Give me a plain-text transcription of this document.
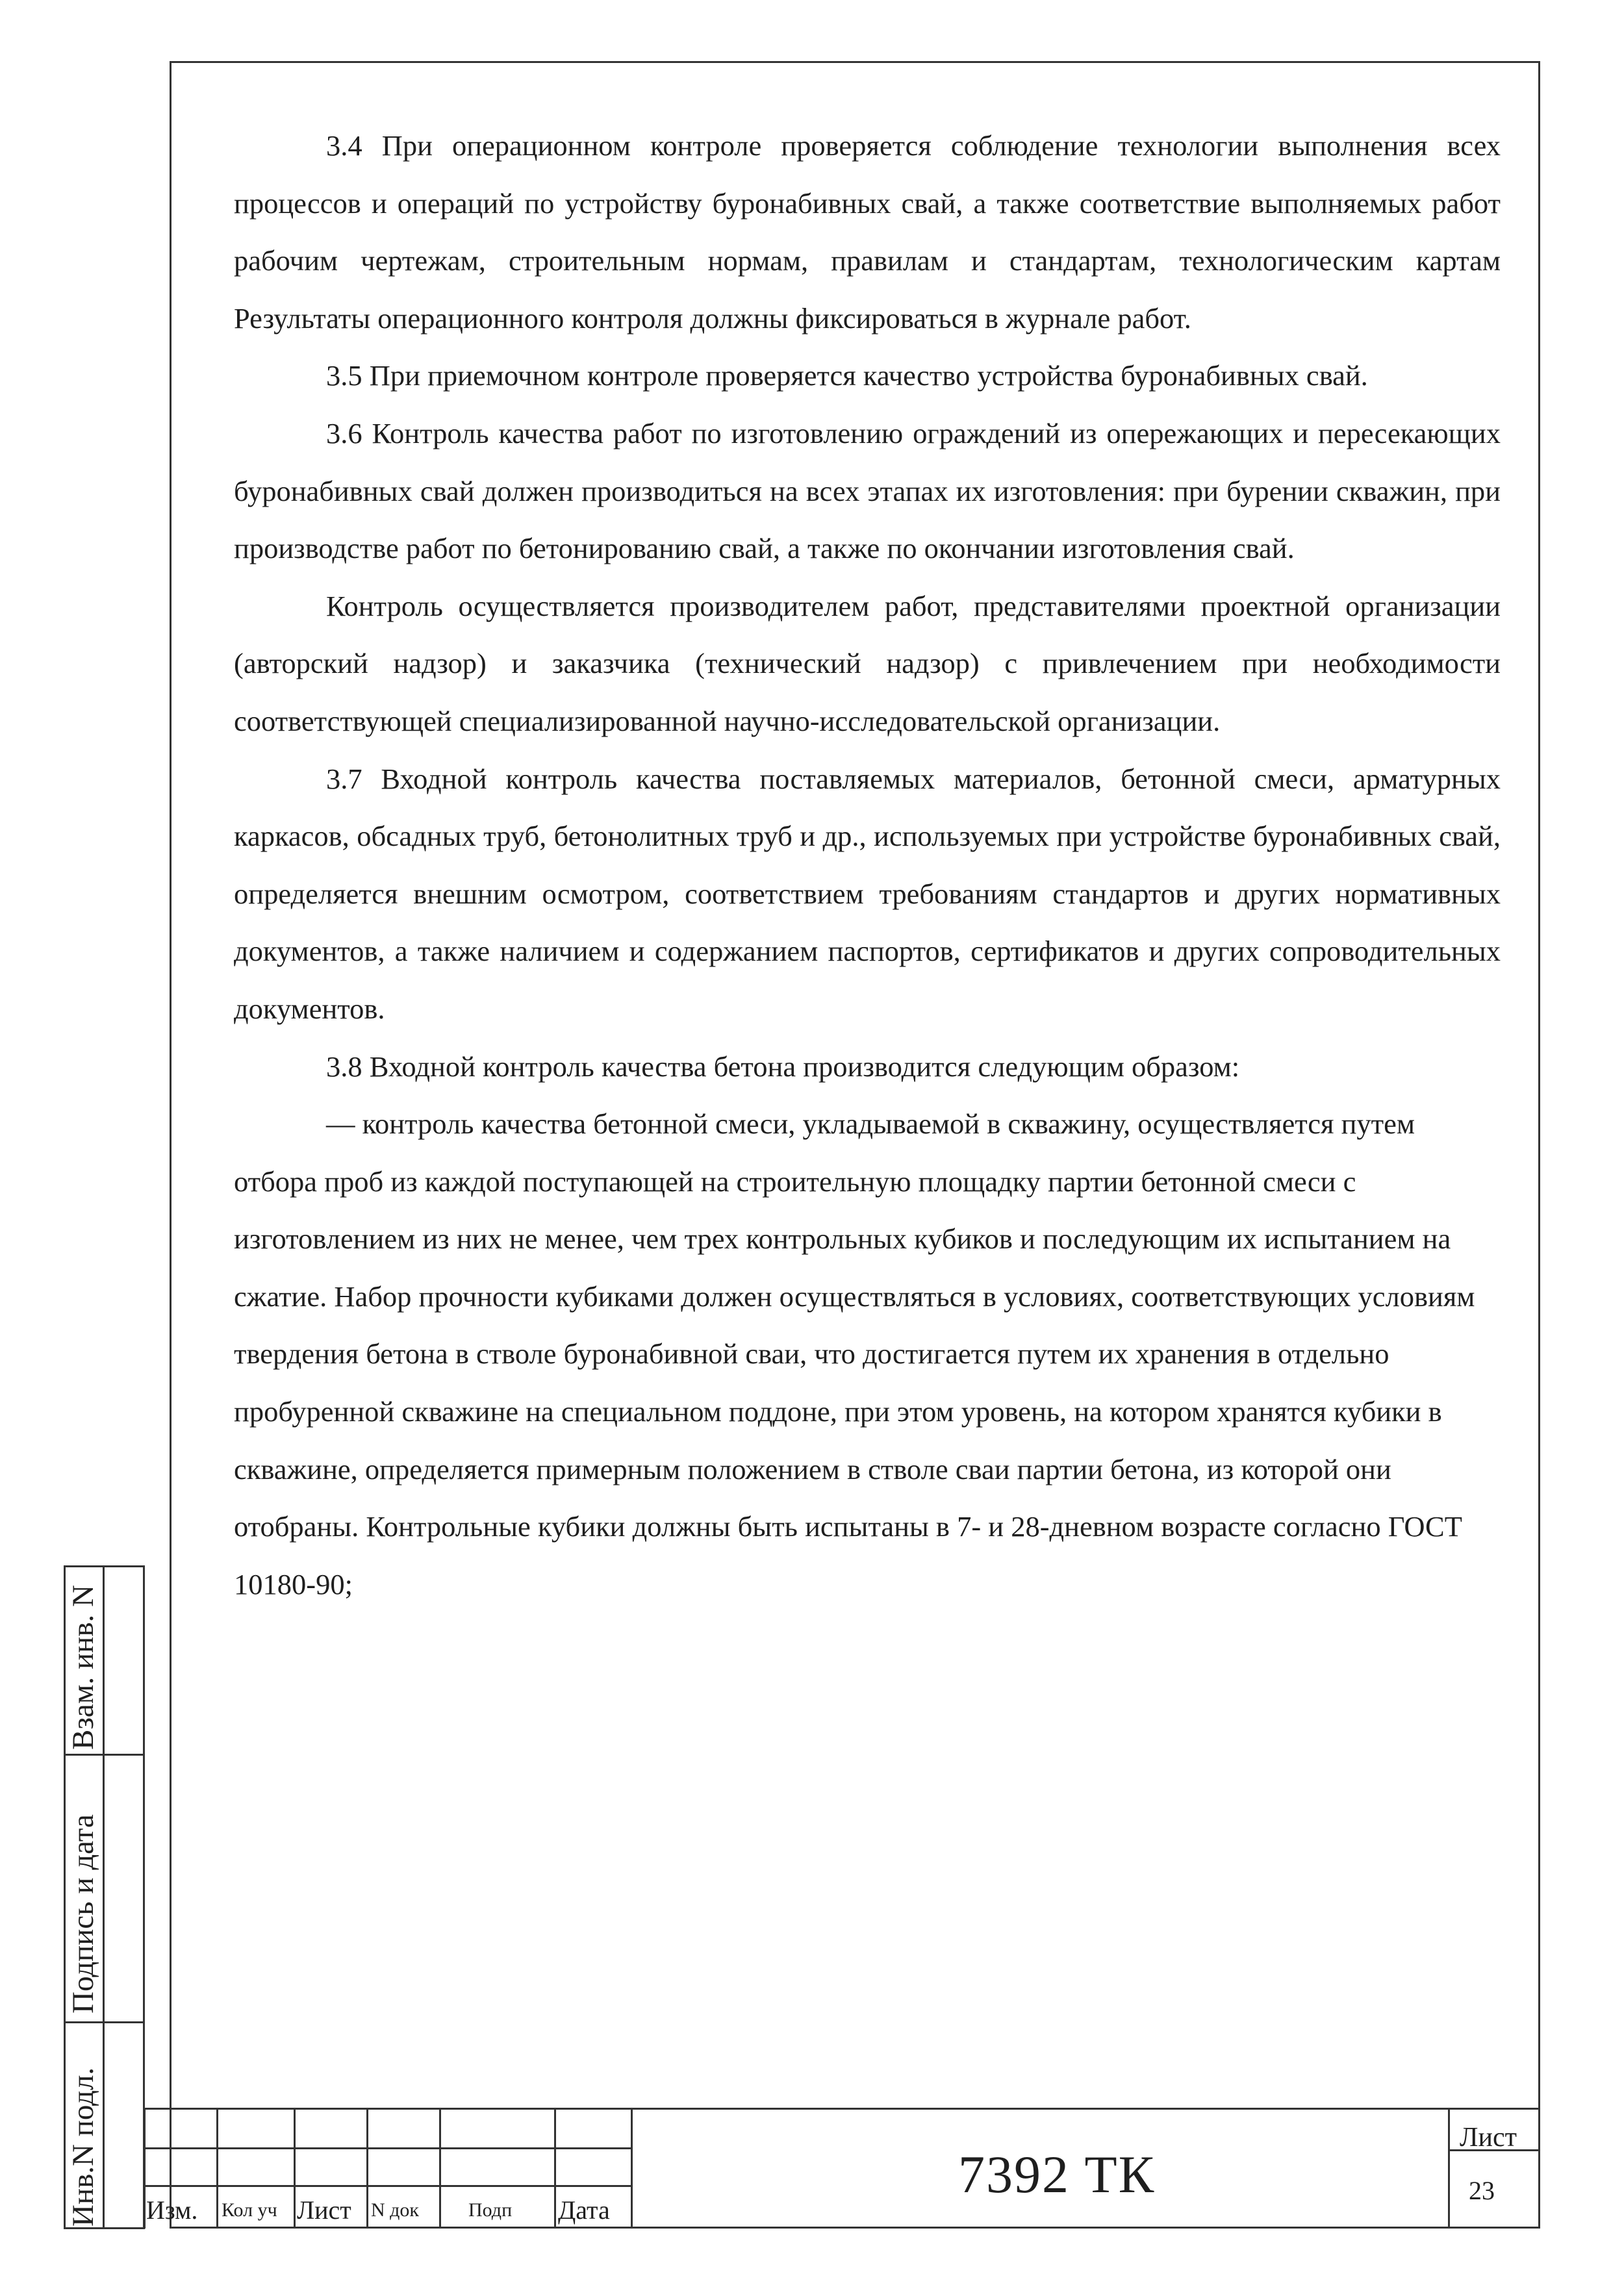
3.4 При операционном контроле проверяется соблюдение технологии выполнения всех процессов и операций по устройству буронабивных свай, а также соответствие выполняемых работ рабочим чертежам, строительным нормам, правилам и стандартам, технологическим картам Результаты операционного контроля должны фиксироваться в журнале работ.

3.5 При приемочном контроле проверяется качество устройства буронабивных свай.

3.6 Контроль качества работ по изготовлению ограждений из опережающих и пересекающих буронабивных свай должен производиться на всех этапах их изготовления: при бурении скважин, при производстве работ по бетонированию свай, а также по окончании изготовления свай.

Контроль осуществляется производителем работ, представителями проектной организации (авторский надзор) и заказчика (технический надзор) с привлечением при необходимости соответствующей специализированной научно-исследовательской организации.

3.7 Входной контроль качества поставляемых материалов, бетонной смеси, арматурных каркасов, обсадных труб, бетонолитных труб и др., используемых при устройстве буронабивных свай, определяется внешним осмотром, соответствием требованиям стандартов и других нормативных документов, а также наличием и содержанием паспортов, сертификатов и других сопроводительных документов.

3.8 Входной контроль качества бетона производится следующим образом:

— контроль качества бетонной смеси, укладываемой в скважину, осуществляется путем отбора проб из каждой поступающей на строительную площадку партии бетонной смеси с изготовлением из них не менее, чем трех контрольных кубиков и последующим их испытанием на сжатие. Набор прочности кубиками должен осуществляться в условиях, соответствующих условиям твердения бетона в стволе буронабивной сваи, что достигается путем их хранения в отдельно пробуренной скважине на специальном поддоне, при этом уровень, на котором хранятся кубики в скважине, определяется примерным положением в стволе сваи партии бетона, из которой они отобраны. Контрольные кубики должны быть испытаны в 7- и 28-дневном возрасте согласно ГОСТ 10180-90;

Инв.N подл.
Подпись и дата
Взам. инв. N
Изм. Кол уч Лист N док	Подп Дата
7392 ТК
Лист
23
